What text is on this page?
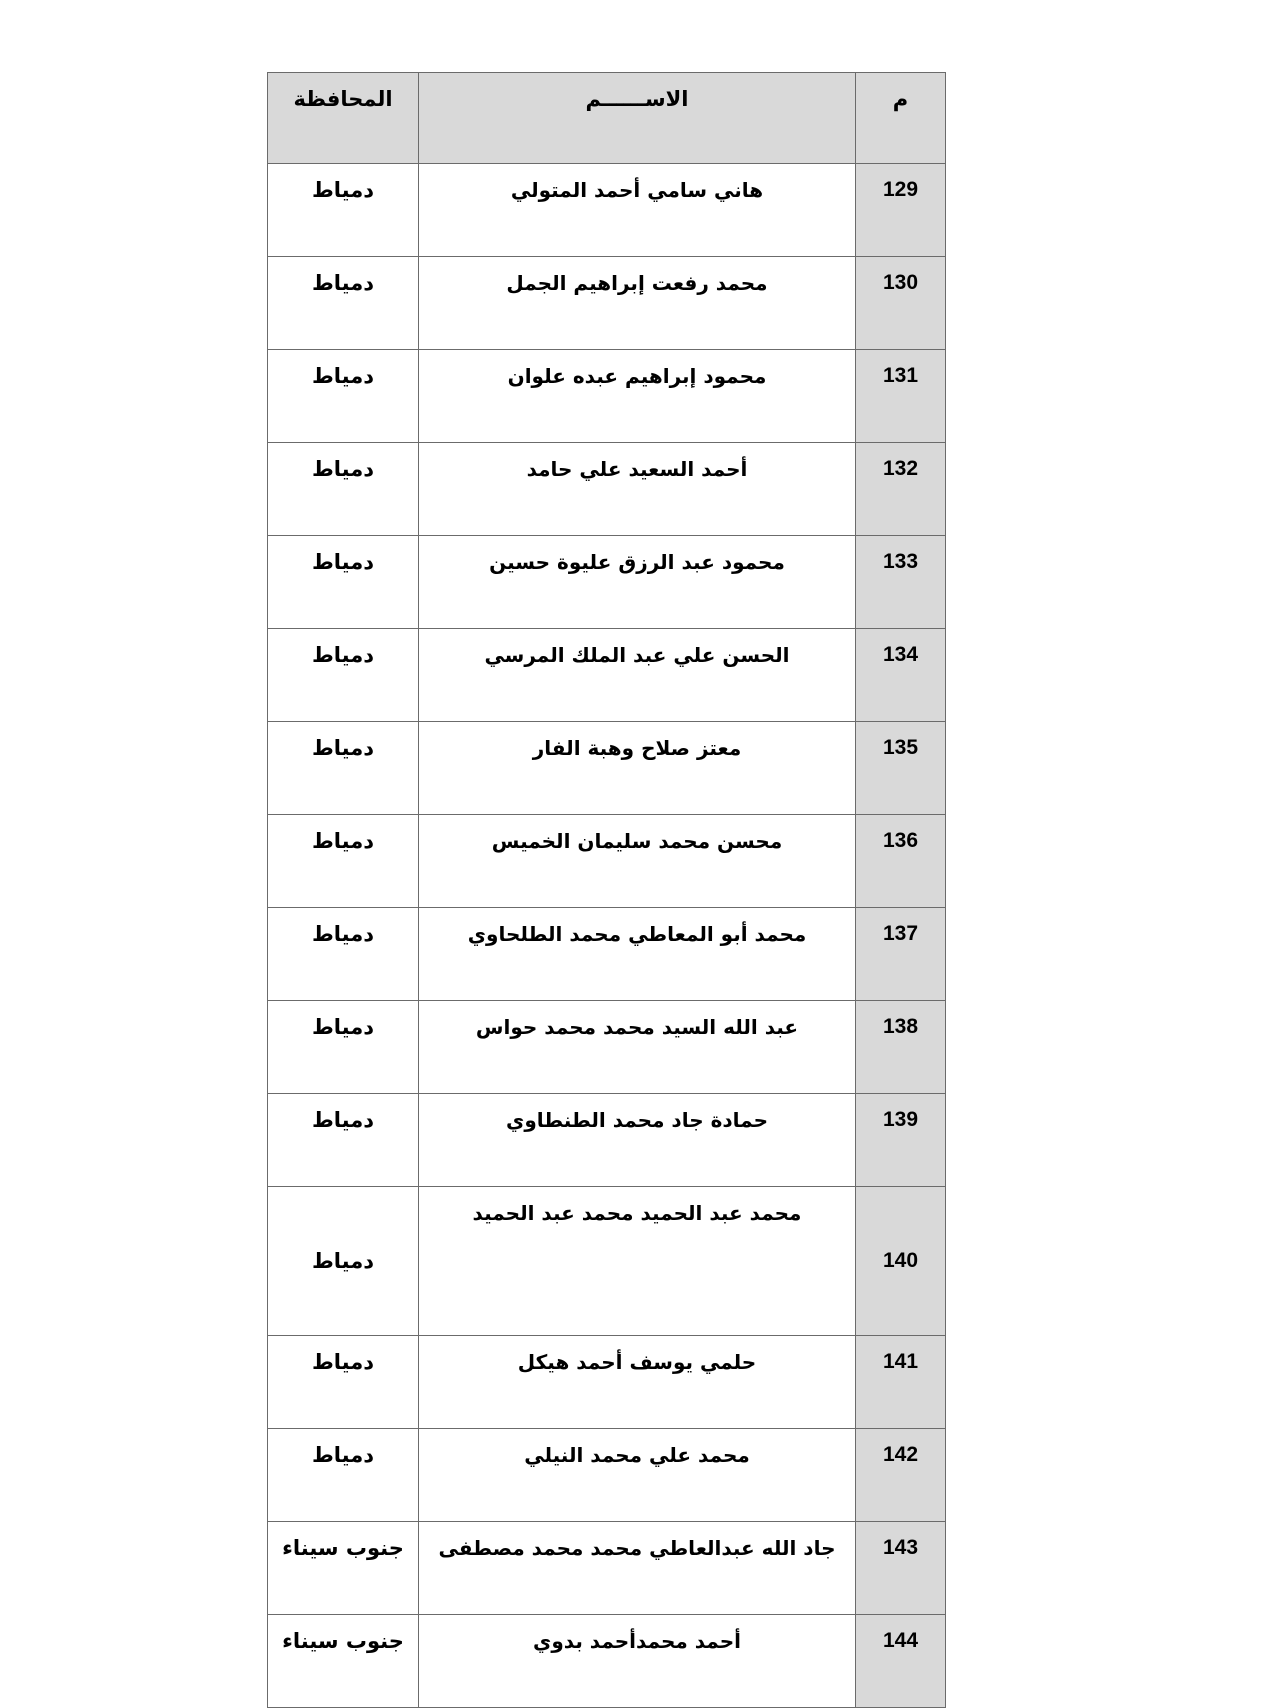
المحافظة	الاســــــم	م
دمياط	هاني سامي أحمد المتولي	129
دمياط	محمد رفعت إبراهيم الجمل	130
دمياط	محمود إبراهيم عبده علوان	131
دمياط	أحمد السعيد علي حامد	132
دمياط	محمود عبد الرزق عليوة حسين	133
دمياط	الحسن علي عبد الملك المرسي	134
دمياط	معتز صلاح وهبة الفار	135
دمياط	محسن محمد سليمان الخميس	136
دمياط	محمد أبو المعاطي محمد الطلحاوي	137
دمياط	عبد الله السيد محمد محمد حواس	138
دمياط	حمادة جاد محمد الطنطاوي	139
دمياط	محمد عبد الحميد محمد عبد الحميد	140
دمياط	حلمي يوسف أحمد هيكل	141
دمياط	محمد علي محمد النيلي	142
جنوب سيناء	جاد الله عبدالعاطي محمد محمد مصطفى	143
جنوب سيناء	أحمد محمدأحمد بدوي	144
